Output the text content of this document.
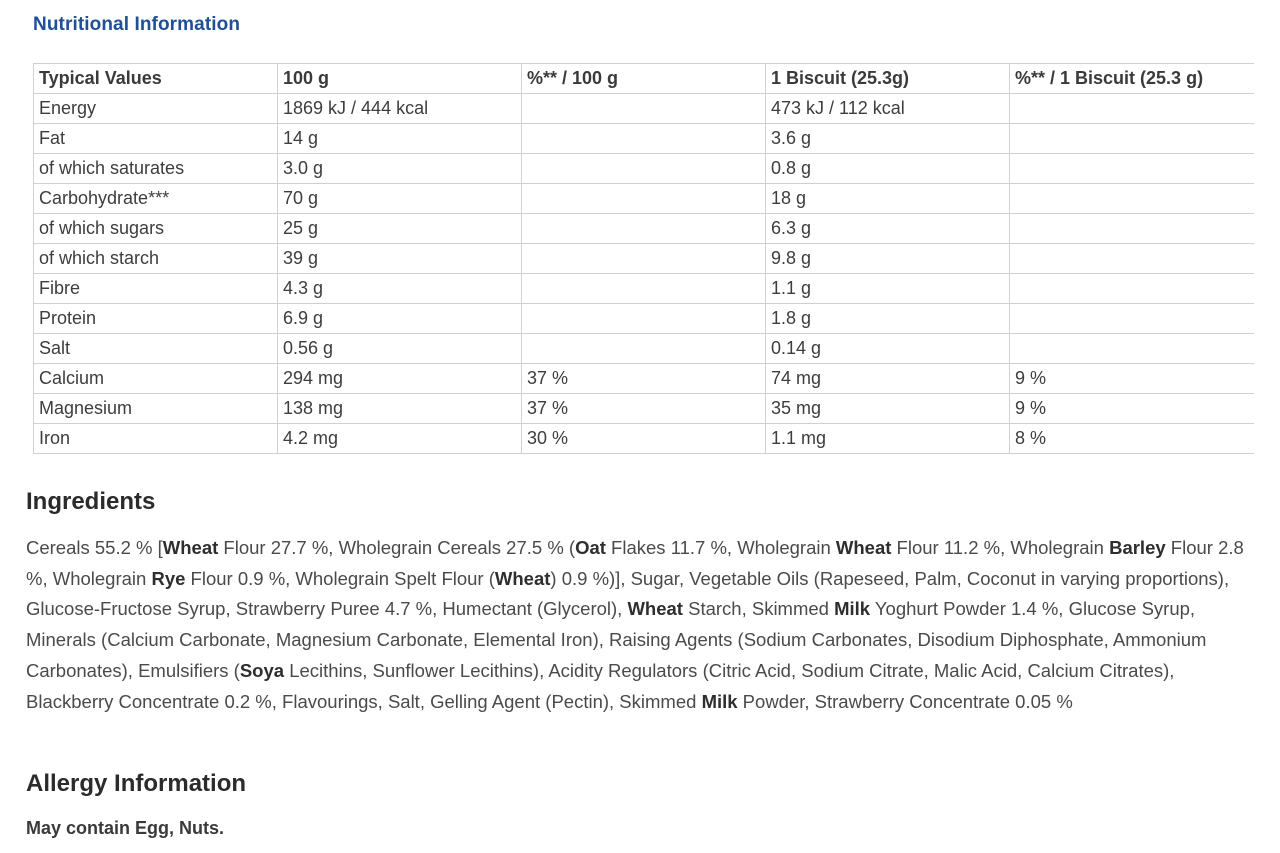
Nutritional Information
Typical Values	100 g	%** / 100 g	1 Biscuit (25.3g)	%** / 1 Biscuit (25.3 g)
Energy	1869 kJ / 444 kcal		473 kJ / 112 kcal	
Fat	14 g		3.6 g	
of which saturates	3.0 g		0.8 g	
Carbohydrate***	70 g		18 g	
of which sugars	25 g		6.3 g	
of which starch	39 g		9.8 g	
Fibre	4.3 g		1.1 g	
Protein	6.9 g		1.8 g	
Salt	0.56 g		0.14 g	
Calcium	294 mg	37 %	74 mg	9 %
Magnesium	138 mg	37 %	35 mg	9 %
Iron	4.2 mg	30 %	1.1 mg	8 %
Ingredients

Cereals 55.2 % [Wheat Flour 27.7 %, Wholegrain Cereals 27.5 % (Oat Flakes 11.7 %, Wholegrain Wheat Flour 11.2 %, Wholegrain Barley Flour 2.8 %, Wholegrain Rye Flour 0.9 %, Wholegrain Spelt Flour (Wheat) 0.9 %)], Sugar, Vegetable Oils (Rapeseed, Palm, Coconut in varying proportions), Glucose-Fructose Syrup, Strawberry Puree 4.7 %, Humectant (Glycerol), Wheat Starch, Skimmed Milk Yoghurt Powder 1.4 %, Glucose Syrup, Minerals (Calcium Carbonate, Magnesium Carbonate, Elemental Iron), Raising Agents (Sodium Carbonates, Disodium Diphosphate, Ammonium Carbonates), Emulsifiers (Soya Lecithins, Sunflower Lecithins), Acidity Regulators (Citric Acid, Sodium Citrate, Malic Acid, Calcium Citrates), Blackberry Concentrate 0.2 %, Flavourings, Salt, Gelling Agent (Pectin), Skimmed Milk Powder, Strawberry Concentrate 0.05 %

Allergy Information

May contain Egg, Nuts.
